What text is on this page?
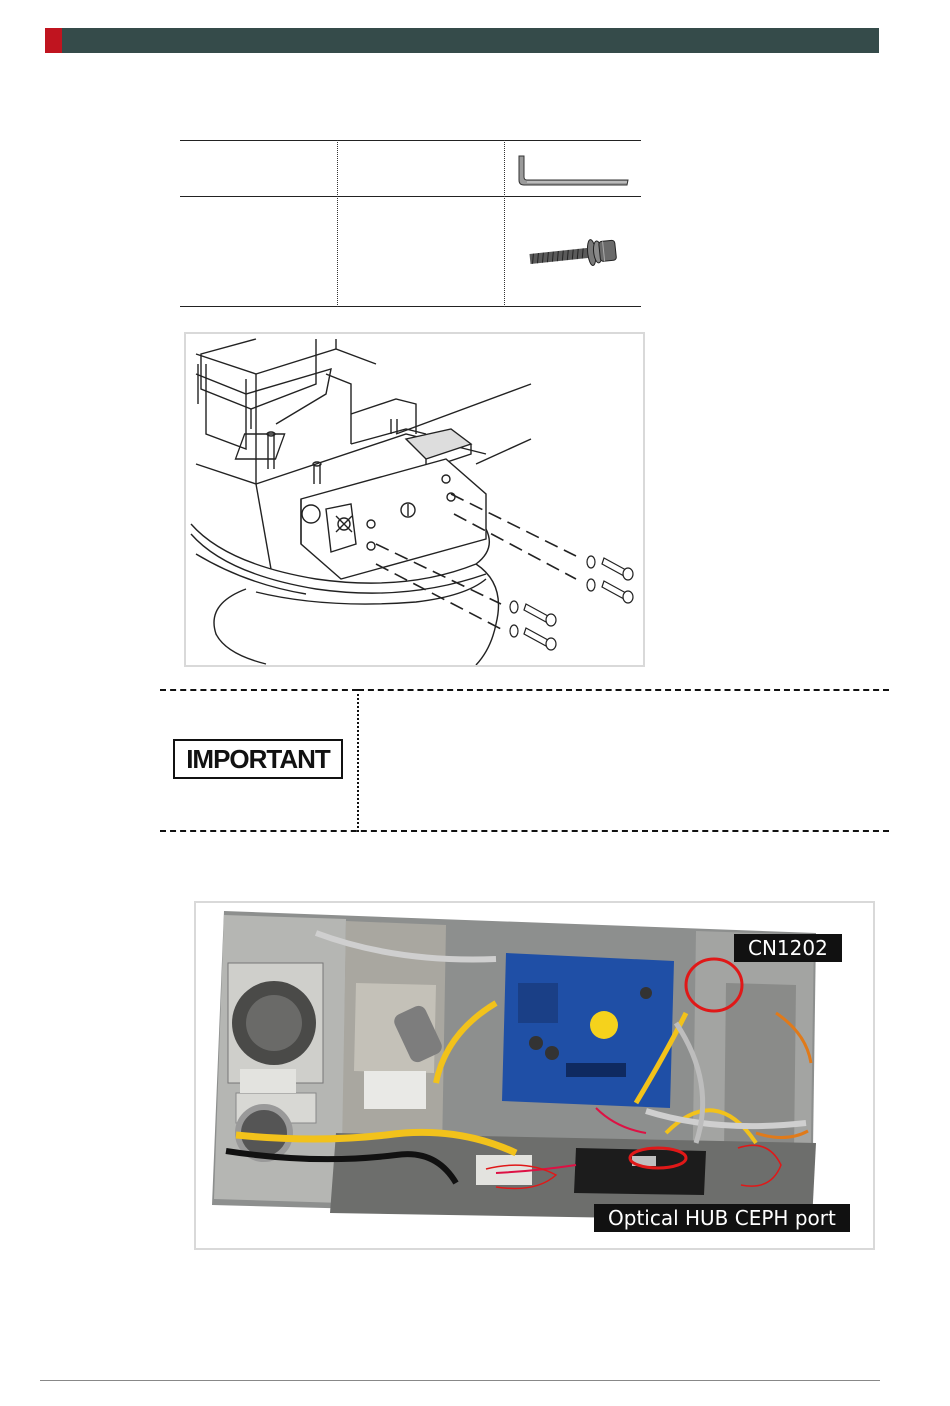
IMPORTANT
CN1202
Optical HUB CEPH port
